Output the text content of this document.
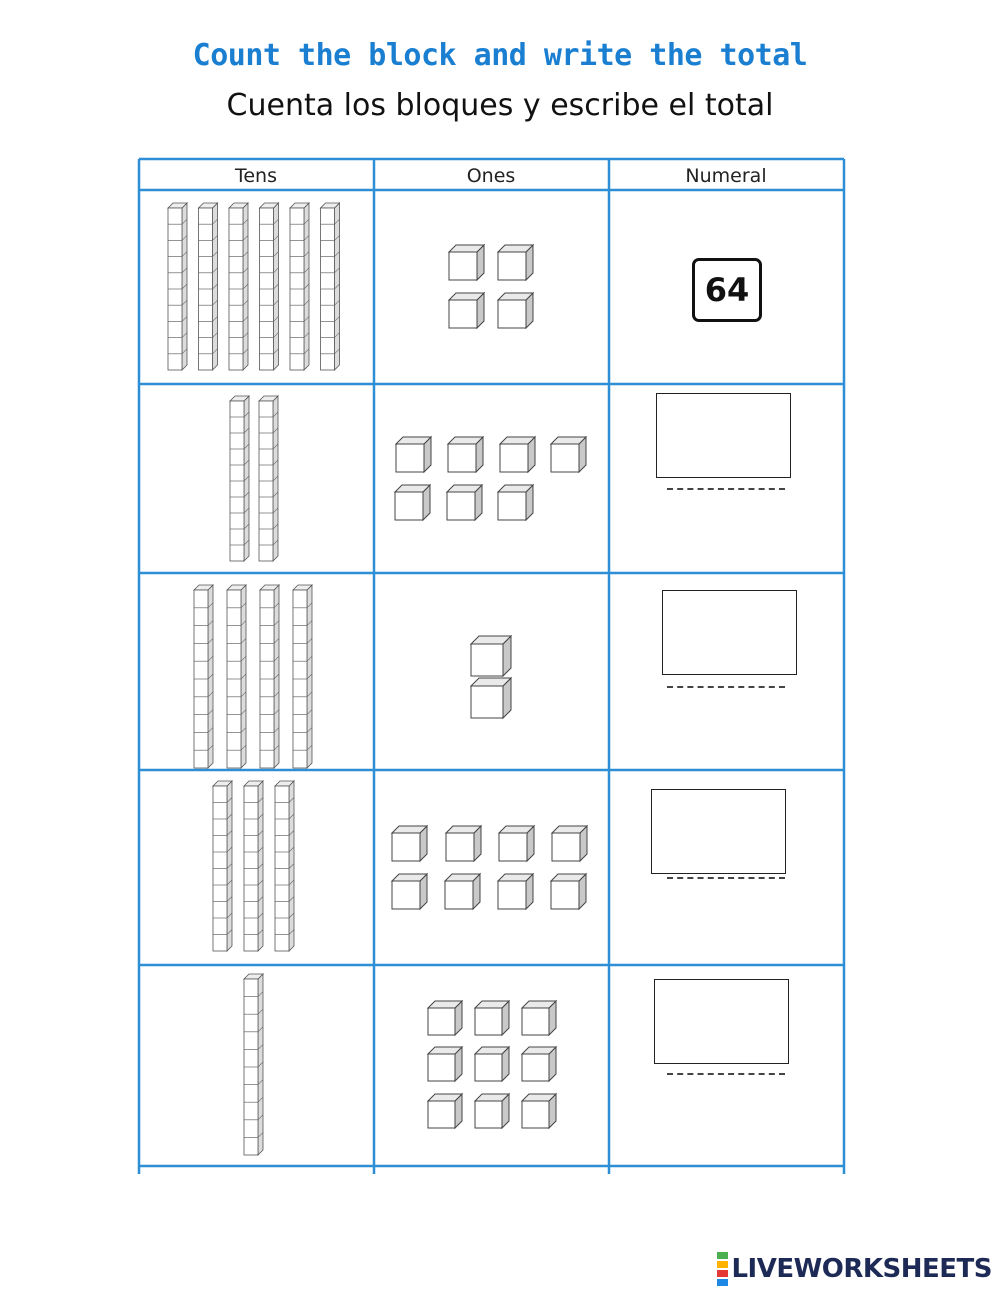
Count the block and write the total
Cuenta los bloques y escribe el total
Tens	Ones	Numeral
64
LIVEWORKSHEETS
